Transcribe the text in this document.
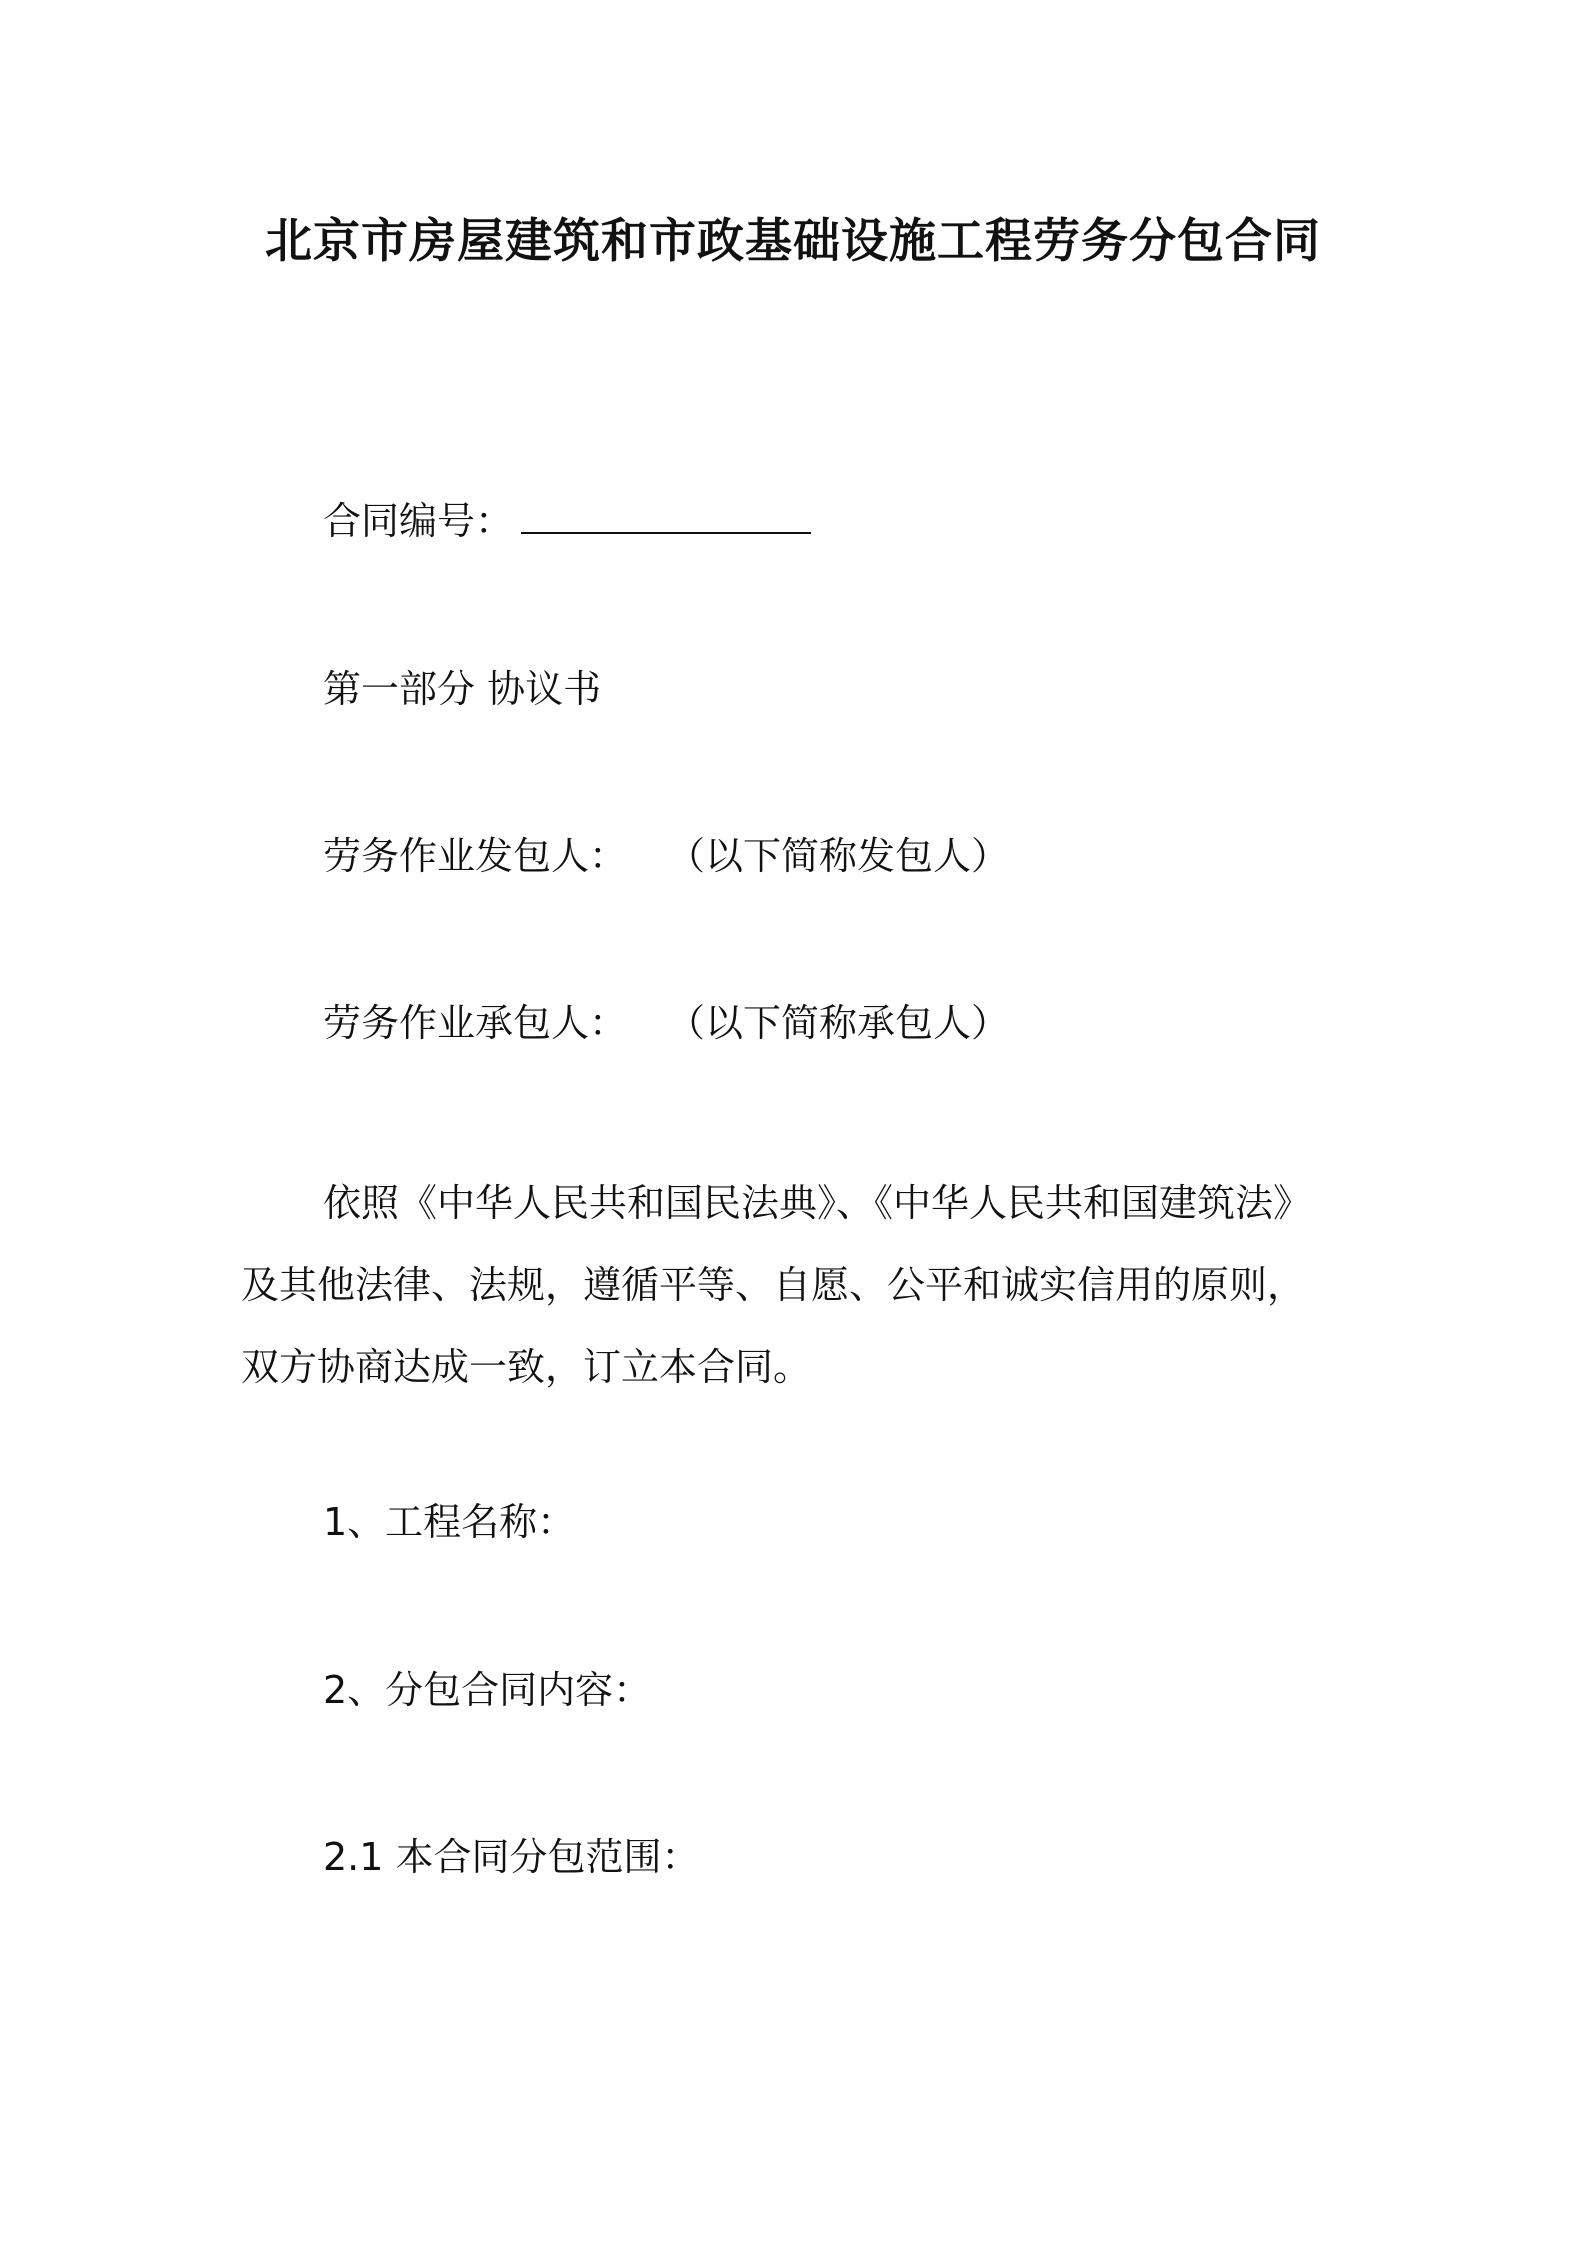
北京市房屋建筑和市政基础设施工程劳务分包合同
合同编号：
第一部分 协议书
劳务作业发包人： （以下简称发包人）
劳务作业承包人： （以下简称承包人）
依照《中华人民共和国民法典》、《中华人民共和国建筑法》
及其他法律、法规，遵循平等、自愿、公平和诚实信用的原则，
双方协商达成一致，订立本合同。
1、工程名称：
2、分包合同内容：
2.1 本合同分包范围：
